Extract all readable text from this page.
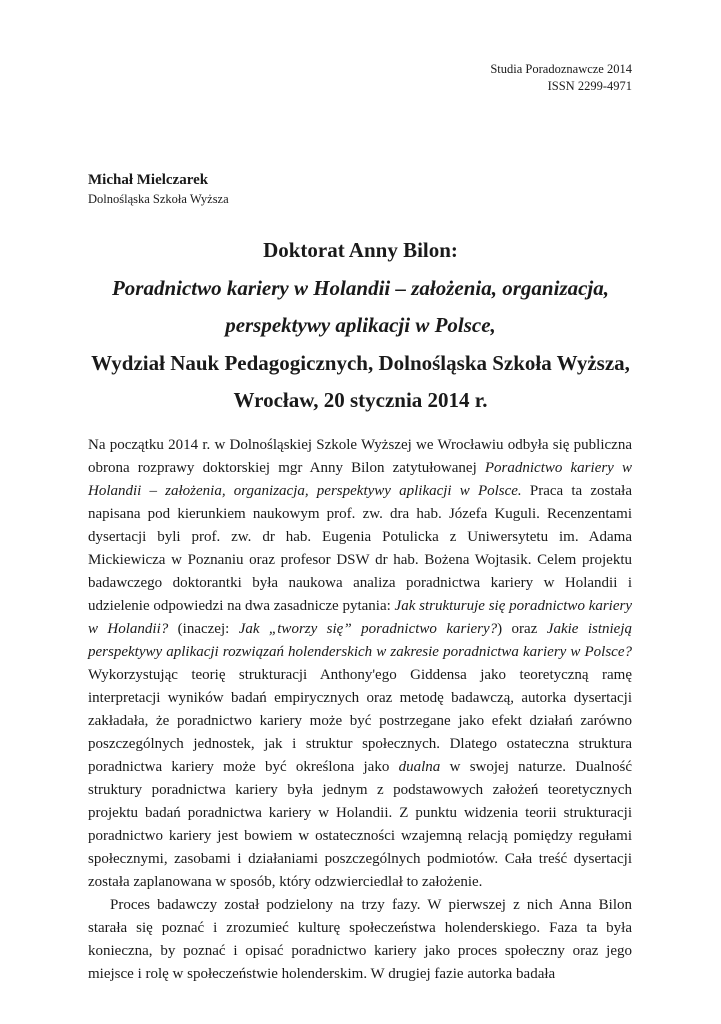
Studia Poradoznawcze 2014
ISSN 2299-4971
Michał Mielczarek
Dolnośląska Szkoła Wyższa
Doktorat Anny Bilon:
Poradnictwo kariery w Holandii – założenia, organizacja, perspektywy aplikacji w Polsce,
Wydział Nauk Pedagogicznych, Dolnośląska Szkoła Wyższa, Wrocław, 20 stycznia 2014 r.

Na początku 2014 r. w Dolnośląskiej Szkole Wyższej we Wrocławiu odbyła się publiczna obrona rozprawy doktorskiej mgr Anny Bilon zatytułowanej Poradnictwo kariery w Holandii – założenia, organizacja, perspektywy aplikacji w Polsce. Praca ta została napisana pod kierunkiem naukowym prof. zw. dra hab. Józefa Kuguli. Recenzentami dysertacji byli prof. zw. dr hab. Eugenia Potulicka z Uniwersytetu im. Adama Mickiewicza w Poznaniu oraz profesor DSW dr hab. Bożena Wojtasik. Celem projektu badawczego doktorantki była naukowa analiza poradnictwa kariery w Holandii i udzielenie odpowiedzi na dwa zasadnicze pytania: Jak strukturuje się poradnictwo kariery w Holandii? (inaczej: Jak „tworzy się” poradnictwo kariery?) oraz Jakie istnieją perspektywy aplikacji rozwiązań holenderskich w zakresie poradnictwa kariery w Polsce? Wykorzystując teorię strukturacji Anthony'ego Giddensa jako teoretyczną ramę interpretacji wyników badań empirycznych oraz metodę badawczą, autorka dysertacji zakładała, że poradnictwo kariery może być postrzegane jako efekt działań zarówno poszczególnych jednostek, jak i struktur społecznych. Dlatego ostateczna struktura poradnictwa kariery może być określona jako dualna w swojej naturze. Dualność struktury poradnictwa kariery była jednym z podstawowych założeń teoretycznych projektu badań poradnictwa kariery w Holandii. Z punktu widzenia teorii strukturacji poradnictwo kariery jest bowiem w ostateczności wzajemną relacją pomiędzy regułami społecznymi, zasobami i działaniami poszczególnych podmiotów. Cała treść dysertacji została zaplanowana w sposób, który odzwierciedlał to założenie.

Proces badawczy został podzielony na trzy fazy. W pierwszej z nich Anna Bilon starała się poznać i zrozumieć kulturę społeczeństwa holenderskiego. Faza ta była konieczna, by poznać i opisać poradnictwo kariery jako proces społeczny oraz jego miejsce i rolę w społeczeństwie holenderskim. W drugiej fazie autorka badała
